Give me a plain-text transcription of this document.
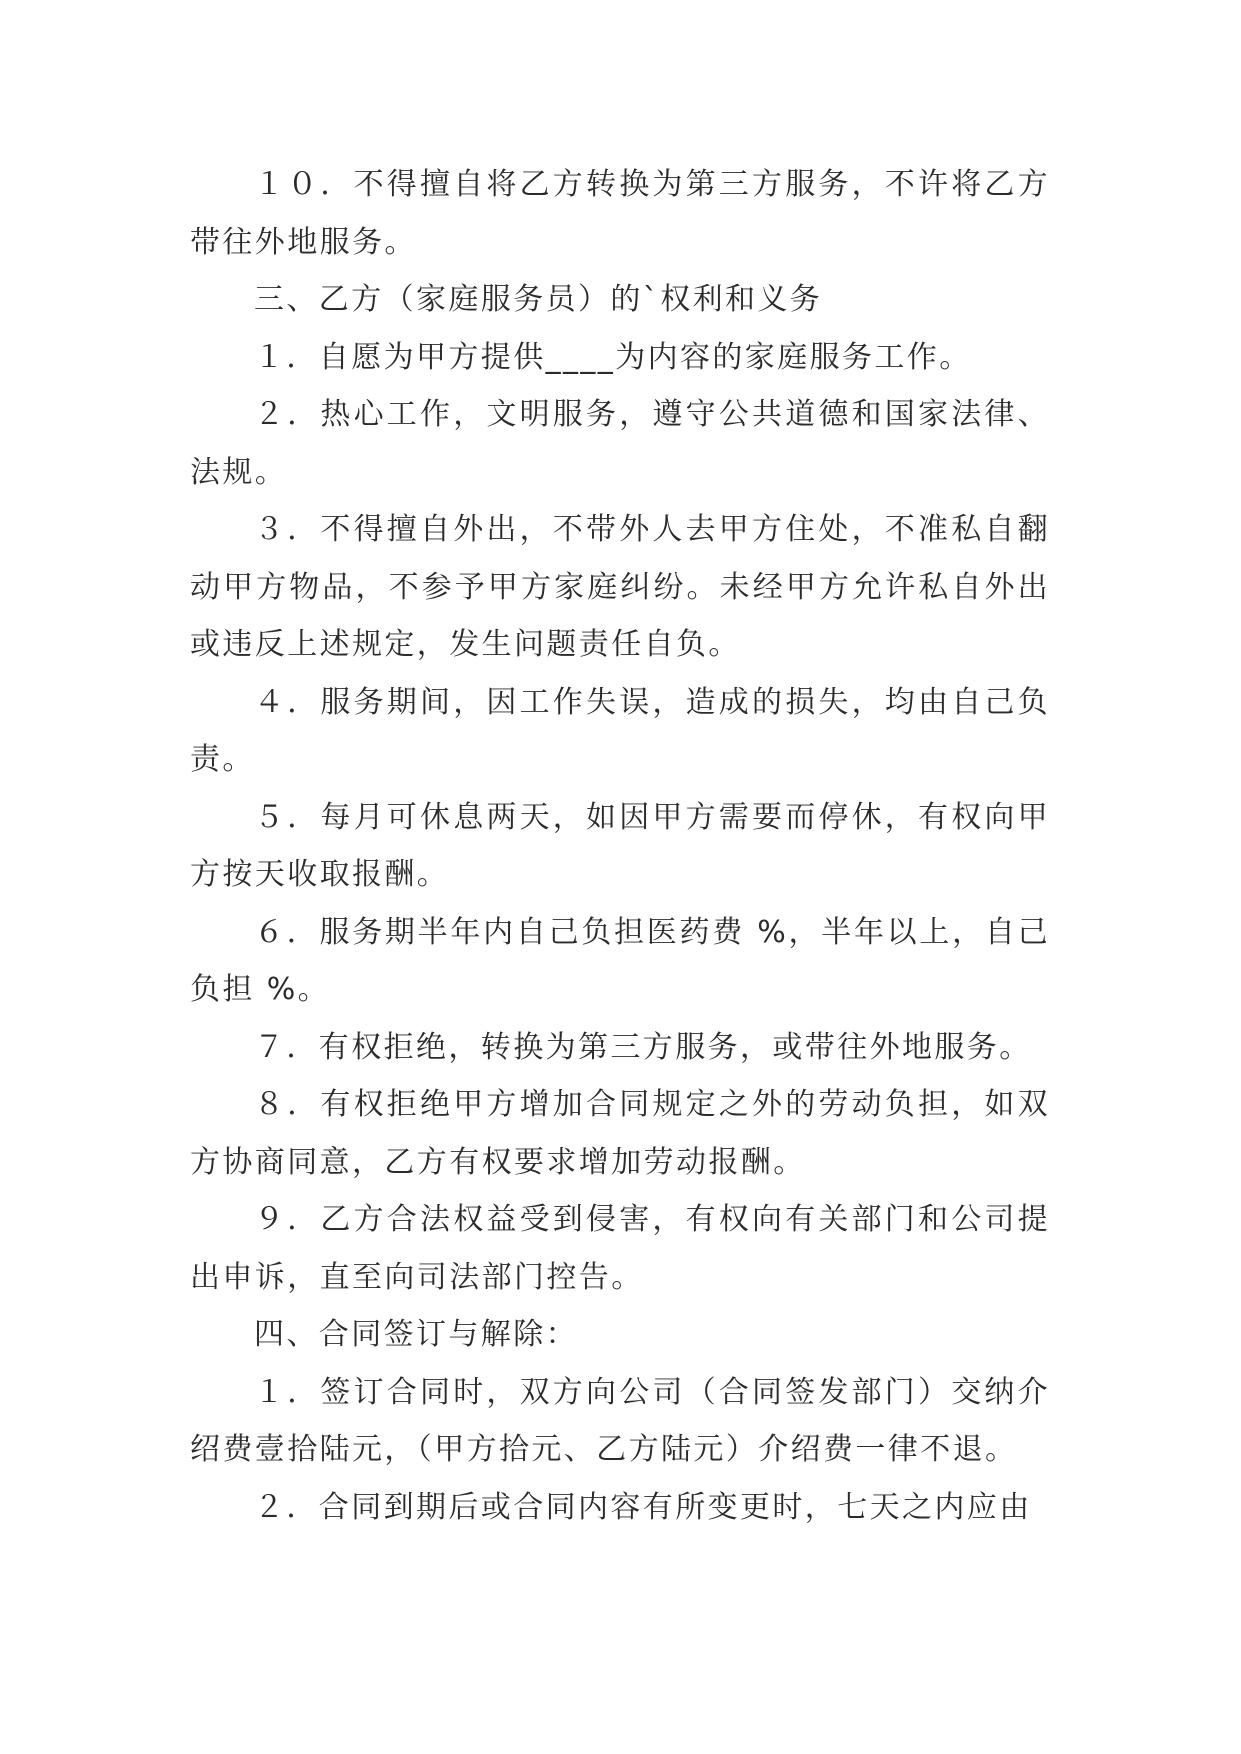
１０．不得擅自将乙方转换为第三方服务，不许将乙方带往外地服务。

三、乙方（家庭服务员）的`权利和义务

１．自愿为甲方提供____为内容的家庭服务工作。

２．热心工作，文明服务，遵守公共道德和国家法律、法规。

３．不得擅自外出，不带外人去甲方住处，不准私自翻动甲方物品，不参予甲方家庭纠纷。未经甲方允许私自外出或违反上述规定，发生问题责任自负。

４．服务期间，因工作失误，造成的损失，均由自己负责。

５．每月可休息两天，如因甲方需要而停休，有权向甲方按天收取报酬。

６．服务期半年内自己负担医药费 %，半年以上，自己负担 %。

７．有权拒绝，转换为第三方服务，或带往外地服务。

８．有权拒绝甲方增加合同规定之外的劳动负担，如双方协商同意，乙方有权要求增加劳动报酬。

９．乙方合法权益受到侵害，有权向有关部门和公司提出申诉，直至向司法部门控告。

四、合同签订与解除：

１．签订合同时，双方向公司（合同签发部门）交纳介绍费壹拾陆元，（甲方拾元、乙方陆元）介绍费一律不退。

２．合同到期后或合同内容有所变更时，七天之内应由
